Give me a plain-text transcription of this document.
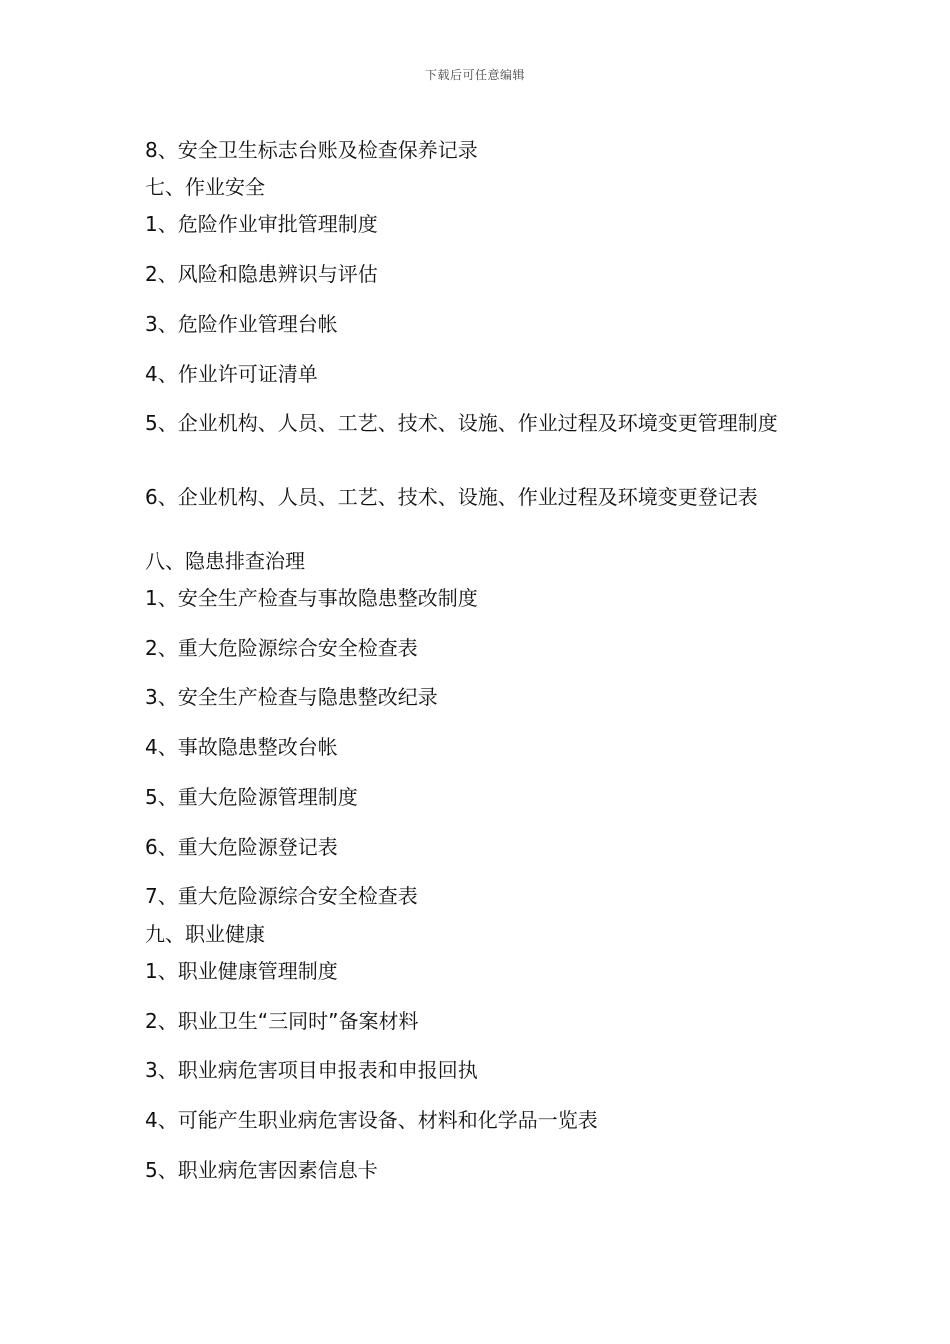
下载后可任意编辑
8、安全卫生标志台账及检查保养记录
七、作业安全
1、危险作业审批管理制度
2、风险和隐患辨识与评估
3、危险作业管理台帐
4、作业许可证清单
5、企业机构、人员、工艺、技术、设施、作业过程及环境变更管理制度
6、企业机构、人员、工艺、技术、设施、作业过程及环境变更登记表
八、隐患排查治理
1、安全生产检查与事故隐患整改制度
2、重大危险源综合安全检查表
3、安全生产检查与隐患整改纪录
4、事故隐患整改台帐
5、重大危险源管理制度
6、重大危险源登记表
7、重大危险源综合安全检查表
九、职业健康
1、职业健康管理制度
2、职业卫生“三同时”备案材料
3、职业病危害项目申报表和申报回执
4、可能产生职业病危害设备、材料和化学品一览表
5、职业病危害因素信息卡
